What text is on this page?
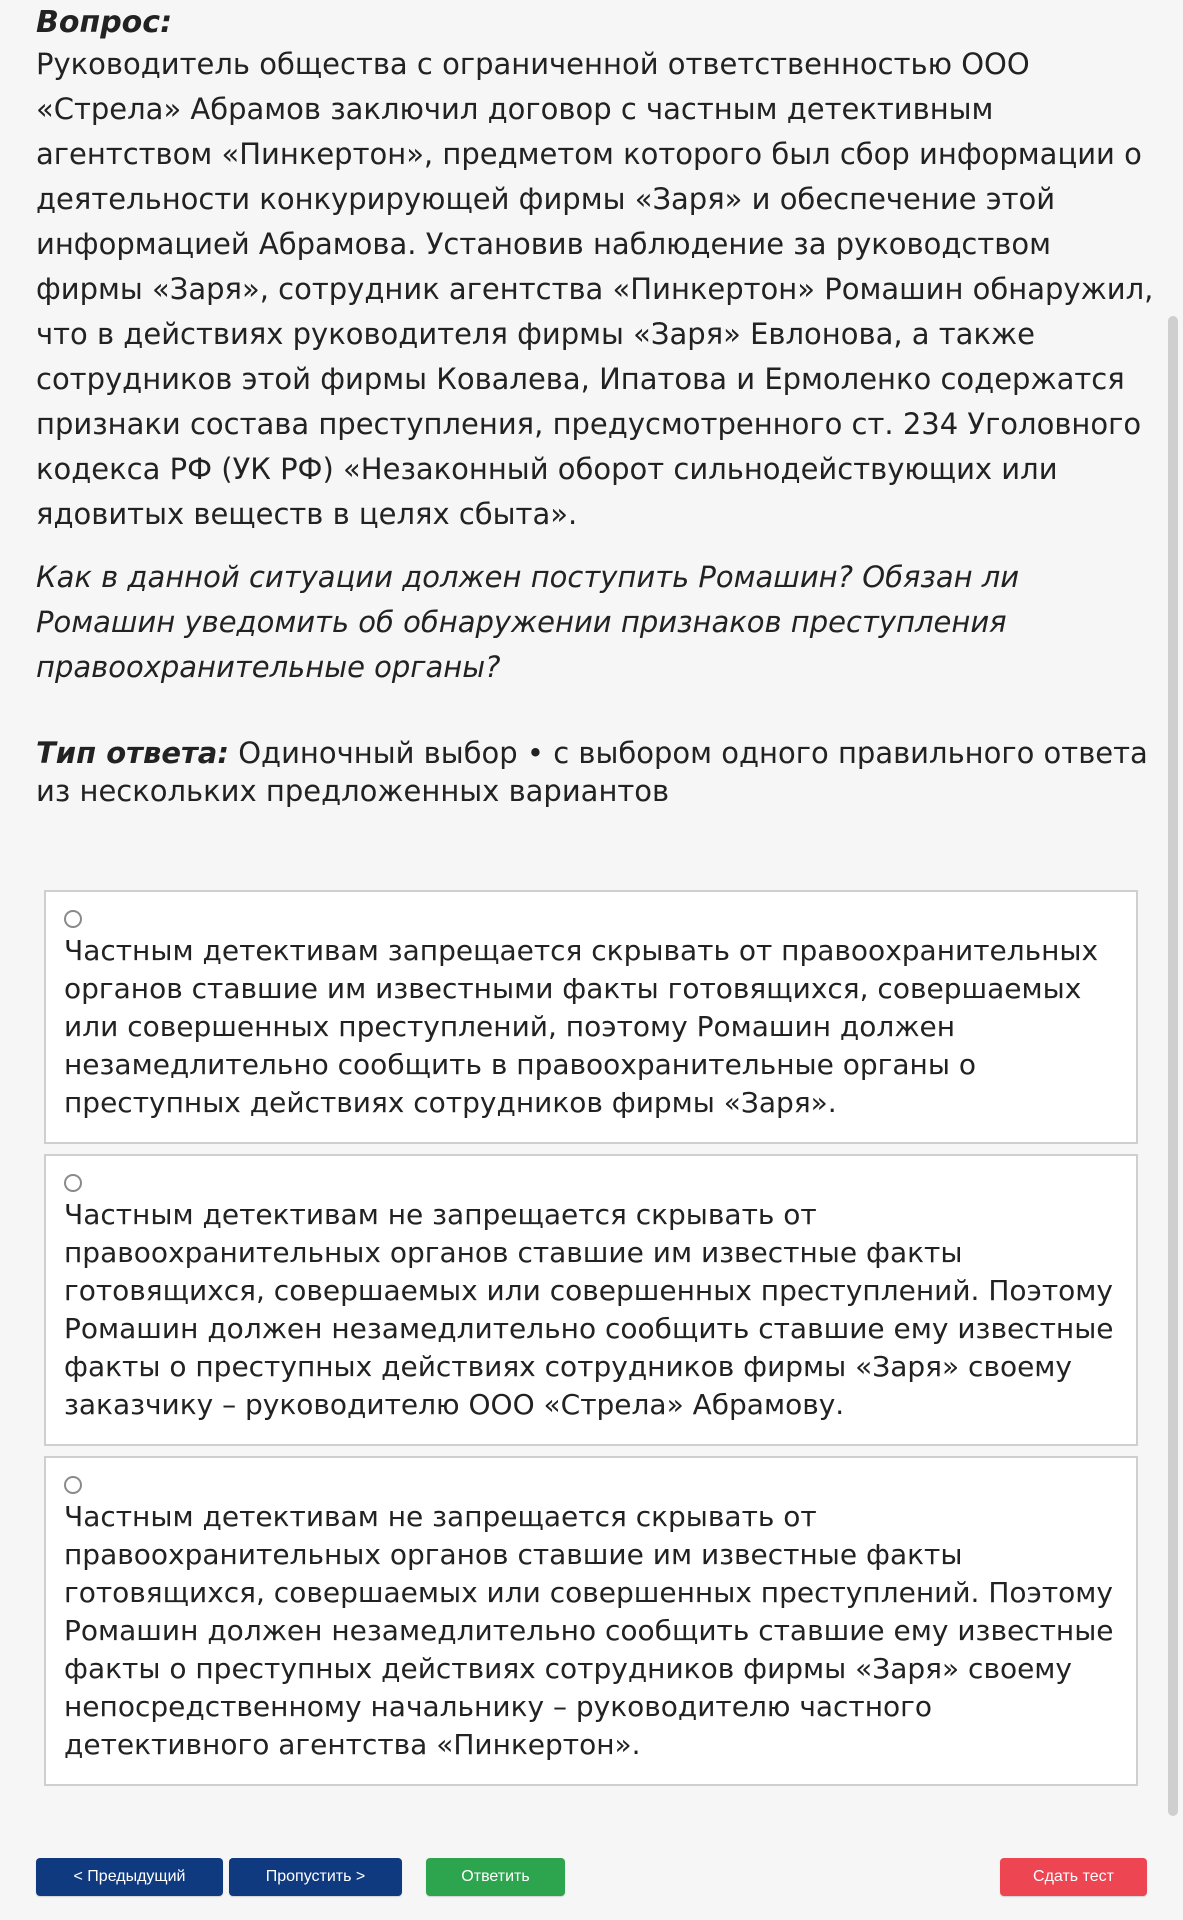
Вопрос:

Руководитель общества с ограниченной ответственностью ООО «Стрела» Абрамов заключил договор с частным детективным агентством «Пинкертон», предметом которого был сбор информации о деятельности конкурирующей фирмы «Заря» и обеспечение этой информацией Абрамова. Установив наблюдение за руководством фирмы «Заря», сотрудник агентства «Пинкертон» Ромашин обнаружил, что в действиях руководителя фирмы «Заря» Евлонова, а также сотрудников этой фирмы Ковалева, Ипатова и Ермоленко содержатся признаки состава преступления, предусмотренного ст. 234 Уголовного кодекса РФ (УК РФ) «Незаконный оборот сильнодействующих или ядовитых веществ в целях сбыта».

Как в данной ситуации должен поступить Ромашин? Обязан ли Ромашин уведомить об обнаружении признаков преступления правоохранительные органы?

Тип ответа: Одиночный выбор • с выбором одного правильного ответа из нескольких предложенных вариантов

Частным детективам запрещается скрывать от правоохранительных органов ставшие им известными факты готовящихся, совершаемых или совершенных преступлений, поэтому Ромашин должен незамедлительно сообщить в правоохранительные органы о преступных действиях сотрудников фирмы «Заря».

Частным детективам не запрещается скрывать от правоохранительных органов ставшие им известные факты готовящихся, совершаемых или совершенных преступлений. Поэтому Ромашин должен незамедлительно сообщить ставшие ему известные факты о преступных действиях сотрудников фирмы «Заря» своему заказчику – руководителю ООО «Стрела» Абрамову.

Частным детективам не запрещается скрывать от правоохранительных органов ставшие им известные факты готовящихся, совершаемых или совершенных преступлений. Поэтому Ромашин должен незамедлительно сообщить ставшие ему известные факты о преступных действиях сотрудников фирмы «Заря» своему непосредственному начальнику – руководителю частного детективного агентства «Пинкертон».

< Предыдущий	Пропустить >	Ответить	Сдать тест
